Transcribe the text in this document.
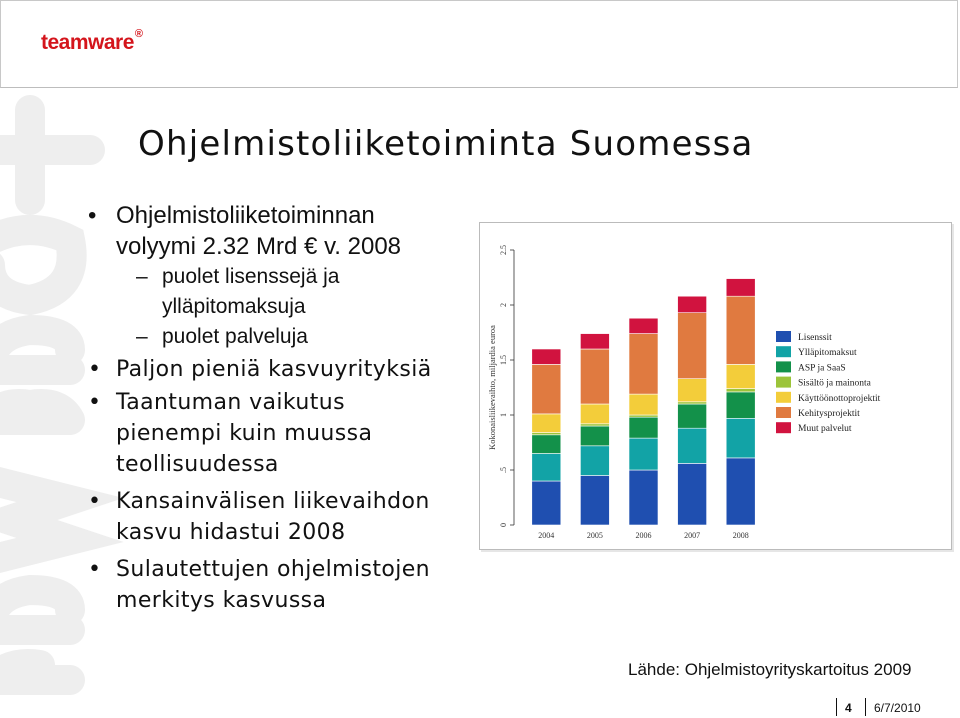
teamware®
Ohjelmistoliiketoiminta Suomessa
• Ohjelmistoliiketoiminnan
volyymi 2.32 Mrd € v. 2008
– puolet lisenssejä ja
ylläpitomaksuja
– puolet palveluja
• Paljon pieniä kasvuyrityksiä
• Taantuman vaikutus
pienempi kuin muussa
teollisuudessa
• Kansainvälisen liikevaihdon
kasvu hidastui 2008
• Sulautettujen ohjelmistojen
merkitys kasvussa
0
.5
1
1.5
2
2.5
Kokonaisliikevaihto, miljardia euroa
2004	2005	2006	2007	2008
Lisenssit
Ylläpitomaksut
ASP ja SaaS
Sisältö ja mainonta
Käyttöönottoprojektit
Kehitysprojektit
Muut palvelut
Lähde: Ohjelmistoyrityskartoitus 2009
4 6/7/2010
